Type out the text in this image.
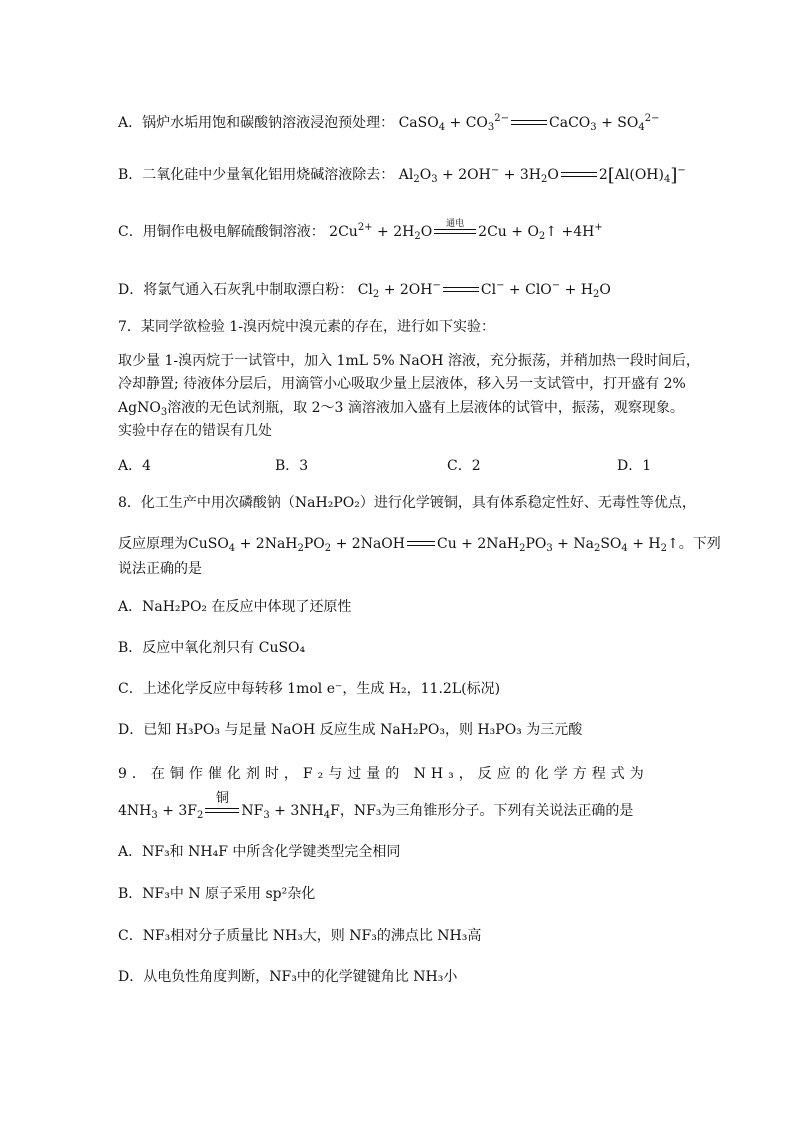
A．锅炉水垢用饱和碳酸钠溶液浸泡预处理： CaSO$_4$ + $CO_3^{2-}$	CaCO$_3$ + $SO_4^{2-}$
B．二氧化硅中少量氧化铝用烧碱溶液除去： $Al_2O_3 + 2OH^- + 3H_2O$	$2[Al(OH)_4]^-$
C．用铜作电极电解硫酸铜溶液： $2Cu^{2+} + 2H_2O$	通电	$2Cu + O_2↑ +4H^+$
D．将氯气通入石灰乳中制取漂白粉： $Cl_2 + 2OH^-$	$Cl^- + ClO^- + H_2O$
7．某同学欲检验 1-溴丙烷中溴元素的存在，进行如下实验：
取少量 1-溴丙烷于一试管中，加入 1mL 5% NaOH 溶液，充分振荡，并稍加热一段时间后，
冷却静置; 待液体分层后，用滴管小心吸取少量上层液体，移入另一支试管中，打开盛有 2%
AgNO$_3$溶液的无色试剂瓶，取 2～3 滴溶液加入盛有上层液体的试管中，振荡，观察现象。
实验中存在的错误有几处
A．4	B．3	C．2	D．1
8．化工生产中用次磷酸钠（NaH₂PO₂）进行化学镀铜，具有体系稳定性好、无毒性等优点，
反应原理为CuSO$_4$ + $2NaH_2PO_2$ + 2NaOH $Cu + 2NaH_2PO_3 + Na_2SO_4$ + $H_2↑$。下列
说法正确的是
A．NaH₂PO₂ 在反应中体现了还原性
B．反应中氧化剂只有 CuSO₄
C．上述化学反应中每转移 1mol e⁻，生成 H₂，11.2L(标况)
D．已知 H₃PO₃ 与足量 NaOH 反应生成 NaH₂PO₃，则 H₃PO₃ 为三元酸
9．在铜作催化剂时，F₂与过量的 NH₃，反应的化学方程式为
$4NH_3 + 3F_2$
铜
$NF_3 + 3NH_4F$，NF₃为三角锥形分子。下列有关说法正确的是
A．NF₃和 NH₄F 中所含化学键类型完全相同
B．NF₃中 N 原子采用 sp²杂化
C．NF₃相对分子质量比 NH₃大，则 NF₃的沸点比 NH₃高
D．从电负性角度判断，NF₃中的化学键键角比 NH₃小
